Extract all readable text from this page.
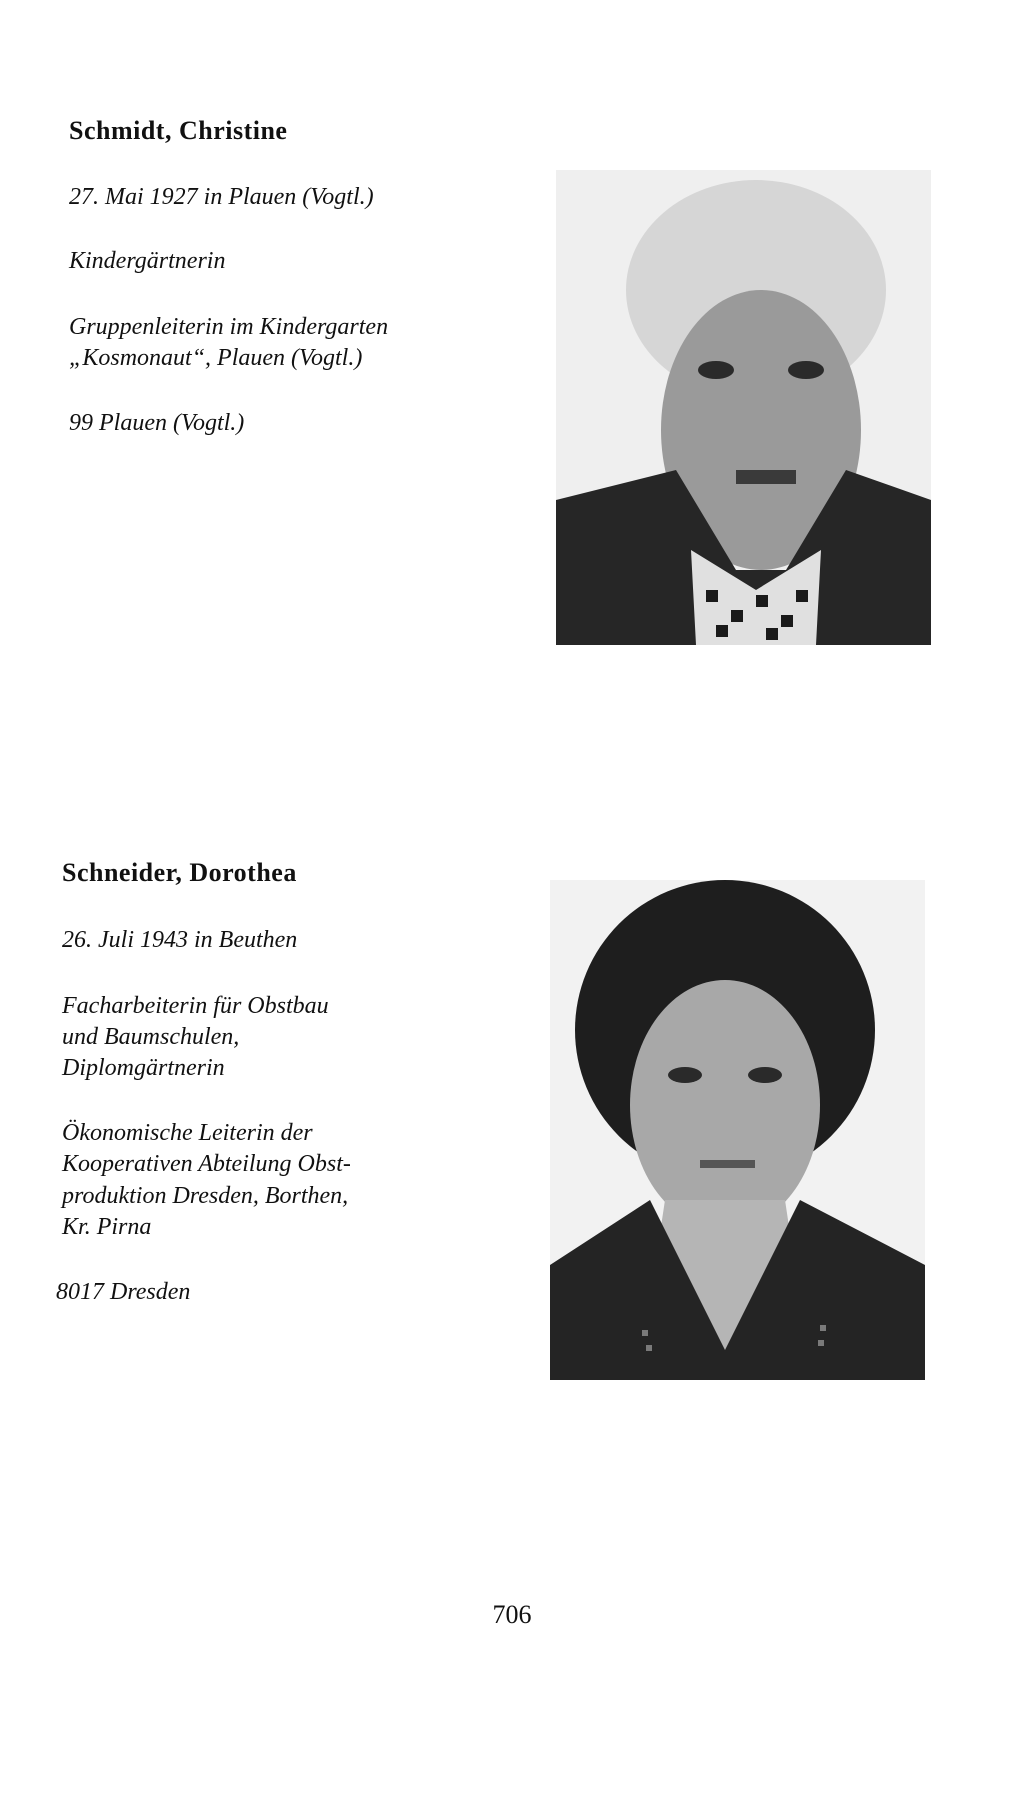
Schmidt, Christine

27. Mai 1927 in Plauen (Vogtl.)

Kindergärtnerin

Gruppenleiterin im Kindergarten

„Kosmonaut“, Plauen (Vogtl.)

99 Plauen (Vogtl.)

Schneider, Dorothea

26. Juli 1943 in Beuthen

Facharbeiterin für Obstbau

und Baumschulen,

Diplomgärtnerin

Ökonomische Leiterin der

Kooperativen Abteilung Obst-

produktion Dresden, Borthen,

Kr. Pirna

8017 Dresden

706
